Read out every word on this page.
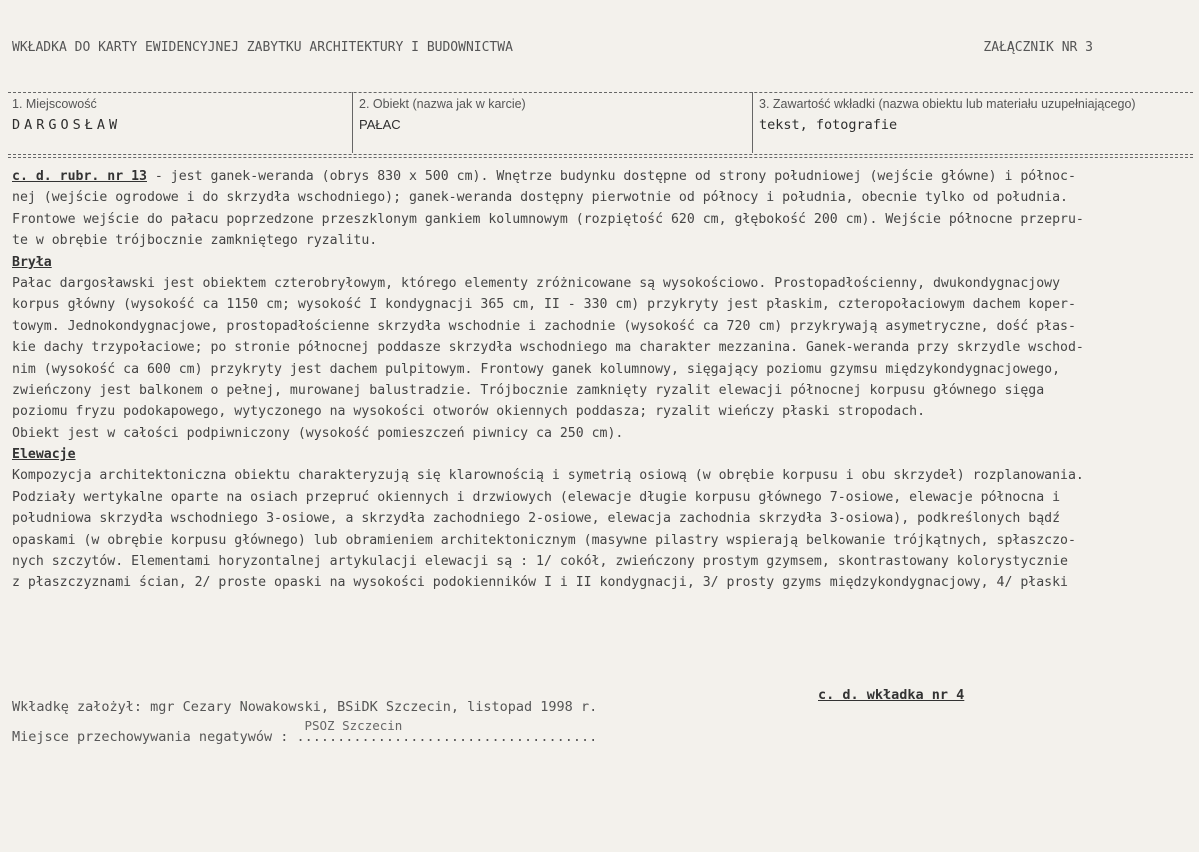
WKŁADKA DO KARTY EWIDENCYJNEJ ZABYTKU ARCHITEKTURY I BUDOWNICTWA	ZAŁĄCZNIK NR 3
1. Miejscowość
DARGOSŁAW
2. Obiekt (nazwa jak w karcie)
PAŁAC
3. Zawartość wkładki (nazwa obiektu lub materiału uzupełniającego)
tekst, fotografie
c. d. rubr. nr 13 - jest ganek-weranda (obrys 830 x 500 cm). Wnętrze budynku dostępne od strony południowej (wejście główne) i północ-
nej (wejście ogrodowe i do skrzydła wschodniego); ganek-weranda dostępny pierwotnie od północy i południa, obecnie tylko od południa.
Frontowe wejście do pałacu poprzedzone przeszklonym gankiem kolumnowym (rozpiętość 620 cm, głębokość 200 cm). Wejście północne przepru-
te w obrębie trójbocznie zamkniętego ryzalitu.
Bryła
Pałac dargosławski jest obiektem czterobryłowym, którego elementy zróżnicowane są wysokościowo. Prostopadłościenny, dwukondygnacjowy
korpus główny (wysokość ca 1150 cm; wysokość I kondygnacji 365 cm, II - 330 cm) przykryty jest płaskim, czteropołaciowym dachem koper-
towym. Jednokondygnacjowe, prostopadłościenne skrzydła wschodnie i zachodnie (wysokość ca 720 cm) przykrywają asymetryczne, dość płas-
kie dachy trzypołaciowe; po stronie północnej poddasze skrzydła wschodniego ma charakter mezzanina. Ganek-weranda przy skrzydle wschod-
nim (wysokość ca 600 cm) przykryty jest dachem pulpitowym. Frontowy ganek kolumnowy, sięgający poziomu gzymsu międzykondygnacjowego,
zwieńczony jest balkonem o pełnej, murowanej balustradzie. Trójbocznie zamknięty ryzalit elewacji północnej korpusu głównego sięga
poziomu fryzu podokapowego, wytyczonego na wysokości otworów okiennych poddasza; ryzalit wieńczy płaski stropodach.
Obiekt jest w całości podpiwniczony (wysokość pomieszczeń piwnicy ca 250 cm).
Elewacje
Kompozycja architektoniczna obiektu charakteryzują się klarownością i symetrią osiową (w obrębie korpusu i obu skrzydeł) rozplanowania.
Podziały wertykalne oparte na osiach przepruć okiennych i drzwiowych (elewacje długie korpusu głównego 7-osiowe, elewacje północna i
południowa skrzydła wschodniego 3-osiowe, a skrzydła zachodniego 2-osiowe, elewacja zachodnia skrzydła 3-osiowa), podkreślonych bądź
opaskami (w obrębie korpusu głównego) lub obramieniem architektonicznym (masywne pilastry wspierają belkowanie trójkątnych, spłaszczo-
nych szczytów. Elementami horyzontalnej artykulacji elewacji są : 1/ cokół, zwieńczony prostym gzymsem, skontrastowany kolorystycznie
z płaszczyznami ścian, 2/ proste opaski na wysokości podokienników I i II kondygnacji, 3/ prosty gzyms międzykondygnacjowy, 4/ płaski
c. d. wkładka nr 4
Wkładkę założył: mgr Cezary Nowakowski, BSiDK Szczecin, listopad 1998 r.
Miejsce przechowywania negatywów :
PSOZ Szczecin
.....................................
